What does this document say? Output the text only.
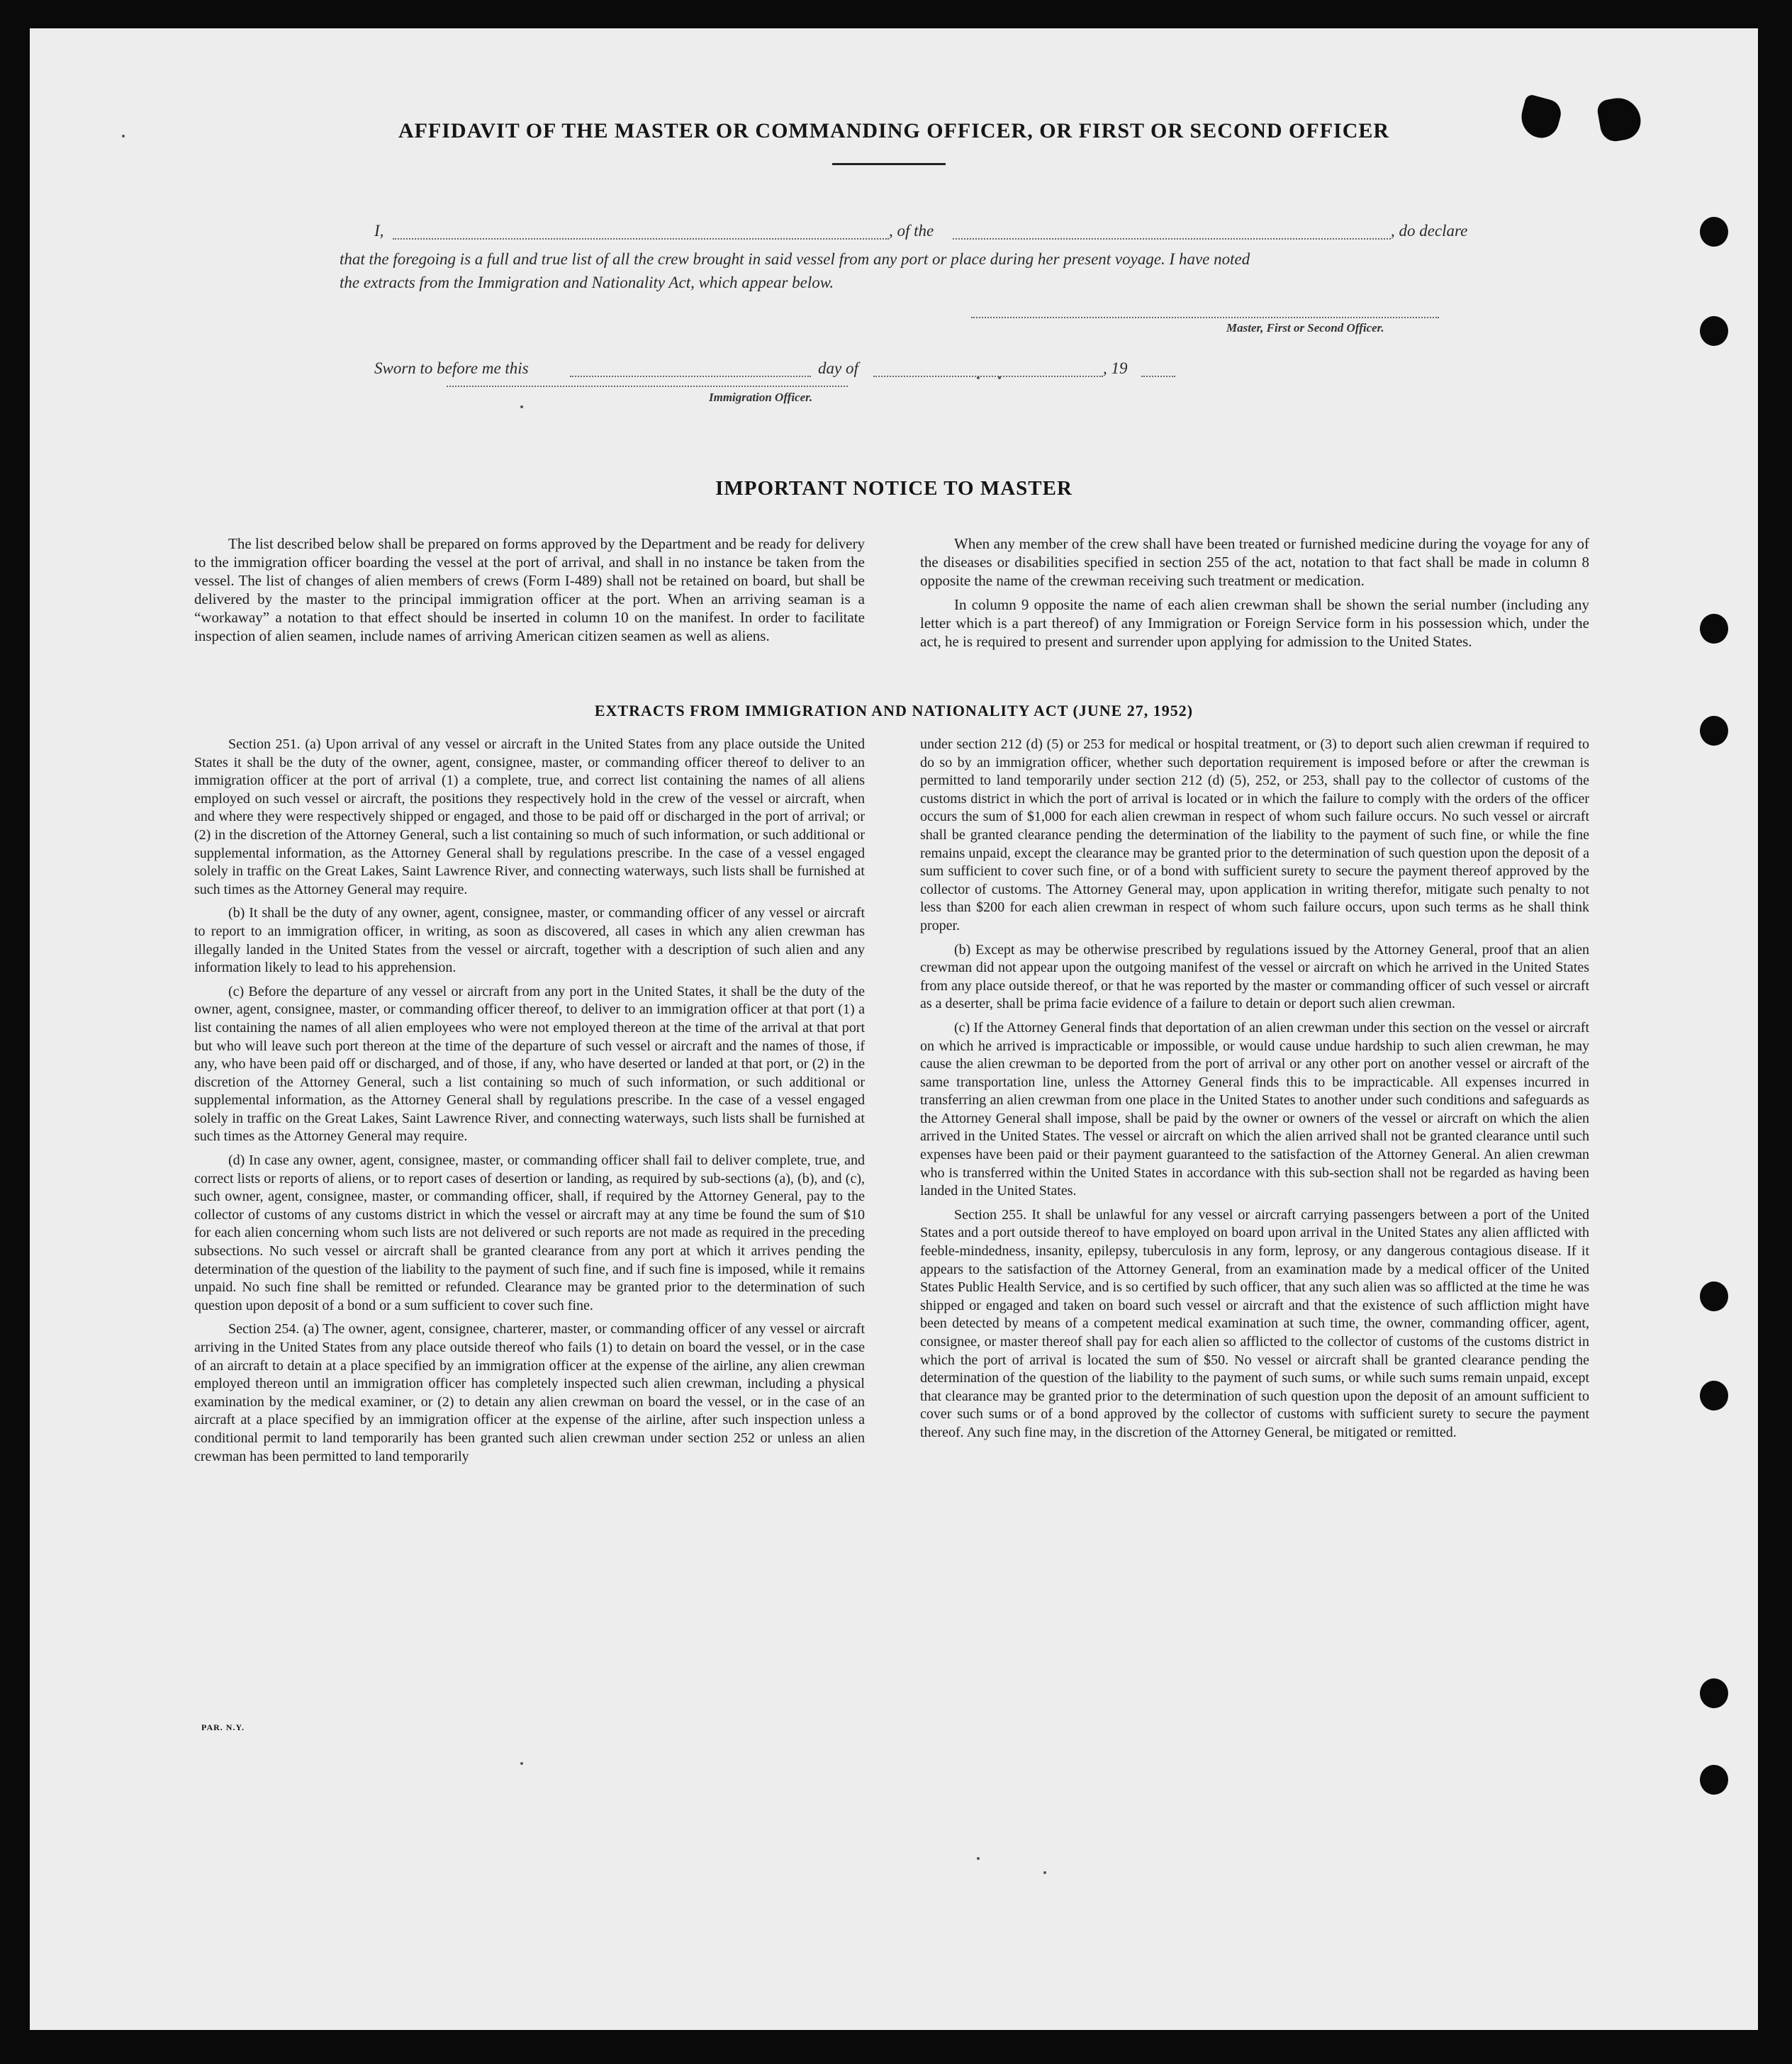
AFFIDAVIT OF THE MASTER OR COMMANDING OFFICER, OR FIRST OR SECOND OFFICER
I,	, of the	, do declare
that the foregoing is a full and true list of all the crew brought in said vessel from any port or place during her present voyage. I have noted
the extracts from the Immigration and Nationality Act, which appear below.
Master, First or Second Officer.
Sworn to before me this	day of	, 19
Immigration Officer.
IMPORTANT NOTICE TO MASTER

The list described below shall be prepared on forms approved by the Department and be ready for delivery to the immigration officer boarding the vessel at the port of arrival, and shall in no instance be taken from the vessel. The list of changes of alien members of crews (Form I-489) shall not be retained on board, but shall be delivered by the master to the principal immigration officer at the port. When an arriving seaman is a “workaway” a notation to that effect should be inserted in column 10 on the manifest. In order to facilitate inspection of alien seamen, include names of arriving American citizen seamen as well as aliens.

When any member of the crew shall have been treated or furnished medicine during the voyage for any of the diseases or disabilities specified in section 255 of the act, notation to that fact shall be made in column 8 opposite the name of the crewman receiving such treatment or medication.

In column 9 opposite the name of each alien crewman shall be shown the serial number (including any letter which is a part thereof) of any Immigration or Foreign Service form in his possession which, under the act, he is required to present and surrender upon applying for admission to the United States.

EXTRACTS FROM IMMIGRATION AND NATIONALITY ACT (JUNE 27, 1952)

Section 251. (a) Upon arrival of any vessel or aircraft in the United States from any place outside the United States it shall be the duty of the owner, agent, consignee, master, or commanding officer thereof to deliver to an immigration officer at the port of arrival (1) a complete, true, and correct list containing the names of all aliens employed on such vessel or aircraft, the positions they respectively hold in the crew of the vessel or aircraft, when and where they were respectively shipped or engaged, and those to be paid off or discharged in the port of arrival; or (2) in the discretion of the Attorney General, such a list containing so much of such information, or such additional or supplemental information, as the Attorney General shall by regulations prescribe. In the case of a vessel engaged solely in traffic on the Great Lakes, Saint Lawrence River, and connecting waterways, such lists shall be furnished at such times as the Attorney General may require.

(b) It shall be the duty of any owner, agent, consignee, master, or commanding officer of any vessel or aircraft to report to an immigration officer, in writing, as soon as discovered, all cases in which any alien crewman has illegally landed in the United States from the vessel or aircraft, together with a description of such alien and any information likely to lead to his apprehension.

(c) Before the departure of any vessel or aircraft from any port in the United States, it shall be the duty of the owner, agent, consignee, master, or commanding officer thereof, to deliver to an immigration officer at that port (1) a list containing the names of all alien employees who were not employed thereon at the time of the arrival at that port but who will leave such port thereon at the time of the departure of such vessel or aircraft and the names of those, if any, who have been paid off or discharged, and of those, if any, who have deserted or landed at that port, or (2) in the discretion of the Attorney General, such a list containing so much of such information, or such additional or supplemental information, as the Attorney General shall by regulations prescribe. In the case of a vessel engaged solely in traffic on the Great Lakes, Saint Lawrence River, and connecting waterways, such lists shall be furnished at such times as the Attorney General may require.

(d) In case any owner, agent, consignee, master, or commanding officer shall fail to deliver complete, true, and correct lists or reports of aliens, or to report cases of desertion or landing, as required by sub-sections (a), (b), and (c), such owner, agent, consignee, master, or commanding officer, shall, if required by the Attorney General, pay to the collector of customs of any customs district in which the vessel or aircraft may at any time be found the sum of $10 for each alien concerning whom such lists are not delivered or such reports are not made as required in the preceding subsections. No such vessel or aircraft shall be granted clearance from any port at which it arrives pending the determination of the question of the liability to the payment of such fine, and if such fine is imposed, while it remains unpaid. No such fine shall be remitted or refunded. Clearance may be granted prior to the determination of such question upon deposit of a bond or a sum sufficient to cover such fine.

Section 254. (a) The owner, agent, consignee, charterer, master, or commanding officer of any vessel or aircraft arriving in the United States from any place outside thereof who fails (1) to detain on board the vessel, or in the case of an aircraft to detain at a place specified by an immigration officer at the expense of the airline, any alien crewman employed thereon until an immigration officer has completely inspected such alien crewman, including a physical examination by the medical examiner, or (2) to detain any alien crewman on board the vessel, or in the case of an aircraft at a place specified by an immigration officer at the expense of the airline, after such inspection unless a conditional permit to land temporarily has been granted such alien crewman under section 252 or unless an alien crewman has been permitted to land temporarily

under section 212 (d) (5) or 253 for medical or hospital treatment, or (3) to deport such alien crewman if required to do so by an immigration officer, whether such deportation requirement is imposed before or after the crewman is permitted to land temporarily under section 212 (d) (5), 252, or 253, shall pay to the collector of customs of the customs district in which the port of arrival is located or in which the failure to comply with the orders of the officer occurs the sum of $1,000 for each alien crewman in respect of whom such failure occurs. No such vessel or aircraft shall be granted clearance pending the determination of the liability to the payment of such fine, or while the fine remains unpaid, except the clearance may be granted prior to the determination of such question upon the deposit of a sum sufficient to cover such fine, or of a bond with sufficient surety to secure the payment thereof approved by the collector of customs. The Attorney General may, upon application in writing therefor, mitigate such penalty to not less than $200 for each alien crewman in respect of whom such failure occurs, upon such terms as he shall think proper.

(b) Except as may be otherwise prescribed by regulations issued by the Attorney General, proof that an alien crewman did not appear upon the outgoing manifest of the vessel or aircraft on which he arrived in the United States from any place outside thereof, or that he was reported by the master or commanding officer of such vessel or aircraft as a deserter, shall be prima facie evidence of a failure to detain or deport such alien crewman.

(c) If the Attorney General finds that deportation of an alien crewman under this section on the vessel or aircraft on which he arrived is impracticable or impossible, or would cause undue hardship to such alien crewman, he may cause the alien crewman to be deported from the port of arrival or any other port on another vessel or aircraft of the same transportation line, unless the Attorney General finds this to be impracticable. All expenses incurred in transferring an alien crewman from one place in the United States to another under such conditions and safeguards as the Attorney General shall impose, shall be paid by the owner or owners of the vessel or aircraft on which the alien arrived in the United States. The vessel or aircraft on which the alien arrived shall not be granted clearance until such expenses have been paid or their payment guaranteed to the satisfaction of the Attorney General. An alien crewman who is transferred within the United States in accordance with this sub-section shall not be regarded as having been landed in the United States.

Section 255. It shall be unlawful for any vessel or aircraft carrying passengers between a port of the United States and a port outside thereof to have employed on board upon arrival in the United States any alien afflicted with feeble-mindedness, insanity, epilepsy, tuberculosis in any form, leprosy, or any dangerous contagious disease. If it appears to the satisfaction of the Attorney General, from an examination made by a medical officer of the United States Public Health Service, and is so certified by such officer, that any such alien was so afflicted at the time he was shipped or engaged and taken on board such vessel or aircraft and that the existence of such affliction might have been detected by means of a competent medical examination at such time, the owner, commanding officer, agent, consignee, or master thereof shall pay for each alien so afflicted to the collector of customs of the customs district in which the port of arrival is located the sum of $50. No vessel or aircraft shall be granted clearance pending the determination of the question of the liability to the payment of such sums, or while such sums remain unpaid, except that clearance may be granted prior to the determination of such question upon the deposit of an amount sufficient to cover such sums or of a bond approved by the collector of customs with sufficient surety to secure the payment thereof. Any such fine may, in the discretion of the Attorney General, be mitigated or remitted.

PAR. N.Y.
